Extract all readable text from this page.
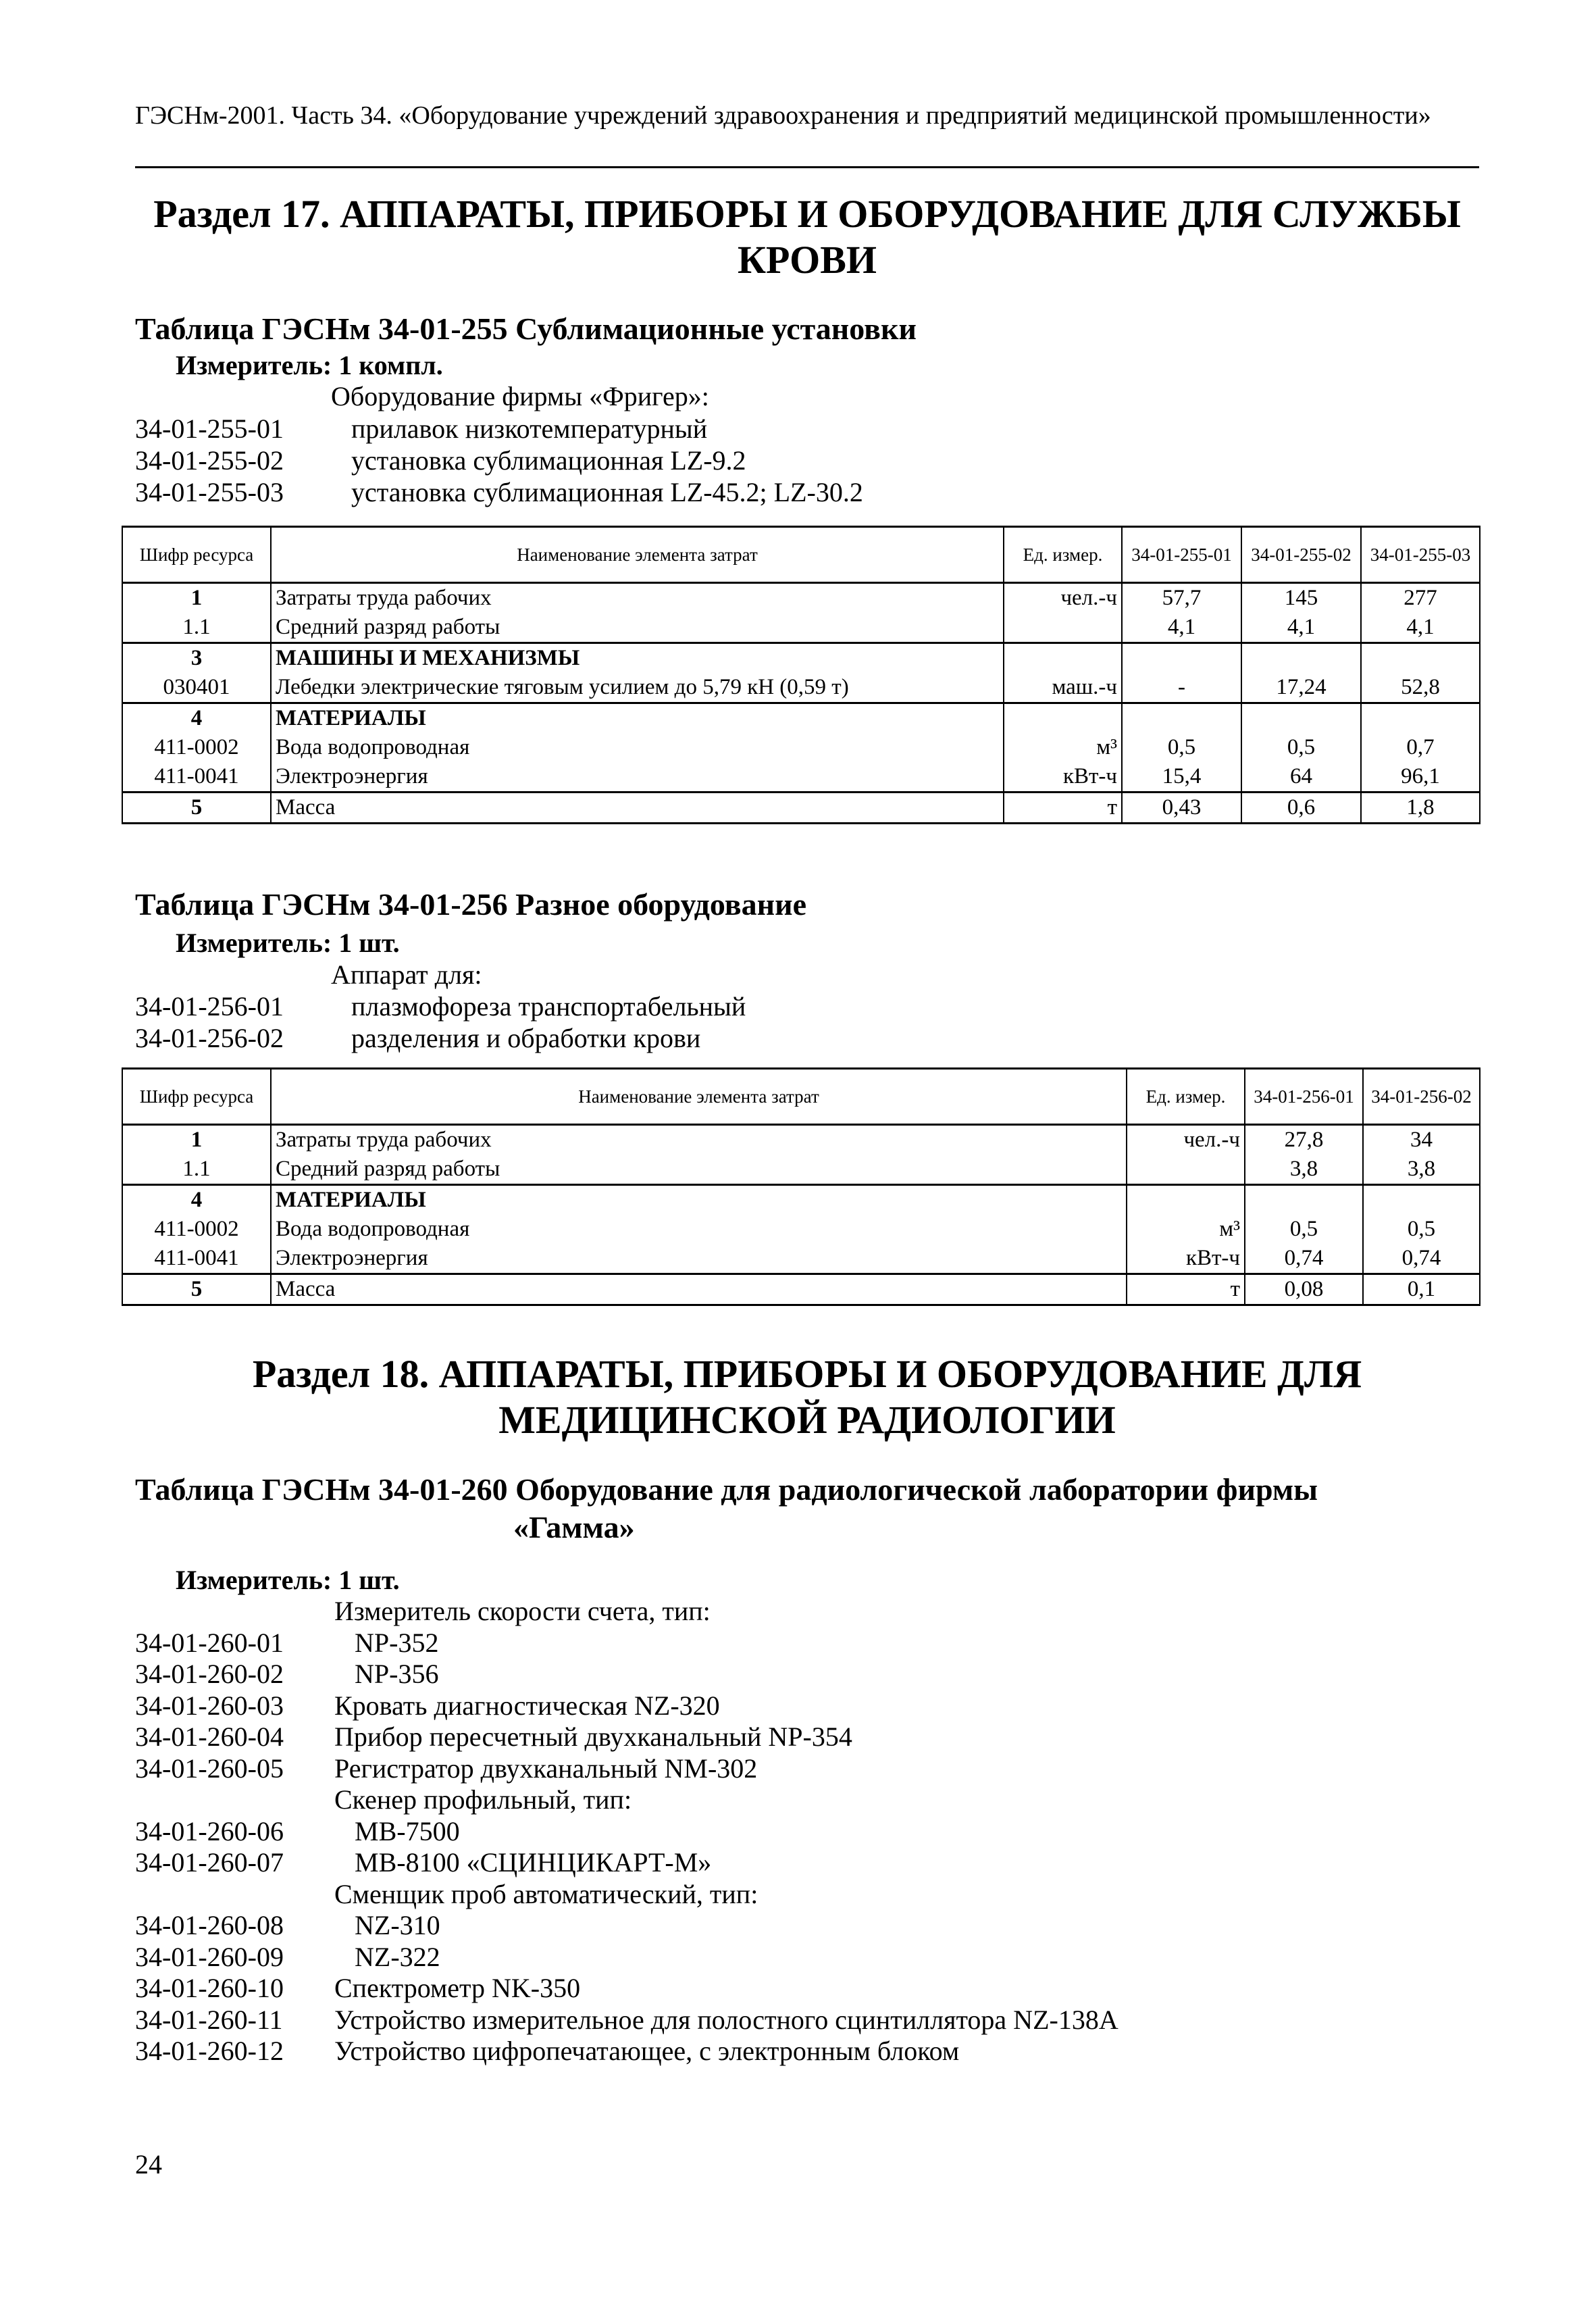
ГЭСНм-2001. Часть 34. «Оборудование учреждений здравоохранения и предприятий медицинской промышленности»
Раздел 17. АППАРАТЫ, ПРИБОРЫ И ОБОРУДОВАНИЕ ДЛЯ СЛУЖБЫ
КРОВИ
Таблица ГЭСНм 34-01-255 Сублимационные установки
Измеритель: 1 компл.
Оборудование фирмы «Фригер»:
34-01-255-01	прилавок низкотемпературный
34-01-255-02	установка сублимационная LZ-9.2
34-01-255-03	установка сублимационная LZ-45.2; LZ-30.2
Шифр ресурса	Наименование элемента затрат	Ед. измер.	34-01-255-01	34-01-255-02	34-01-255-03
1	Затраты труда рабочих	чел.-ч	57,7	145	277
1.1	Средний разряд работы		4,1	4,1	4,1
3	МАШИНЫ И МЕХАНИЗМЫ				
030401	Лебедки электрические тяговым усилием до 5,79 кН (0,59 т)	маш.-ч	-	17,24	52,8
4	МАТЕРИАЛЫ				
411-0002	Вода водопроводная	м³	0,5	0,5	0,7
411-0041	Электроэнергия	кВт-ч	15,4	64	96,1
5	Масса	т	0,43	0,6	1,8
Таблица ГЭСНм 34-01-256 Разное оборудование
Измеритель: 1 шт.
Аппарат для:
34-01-256-01	плазмофореза транспортабельный
34-01-256-02	разделения и обработки крови
Шифр ресурса	Наименование элемента затрат	Ед. измер.	34-01-256-01	34-01-256-02
1	Затраты труда рабочих	чел.-ч	27,8	34
1.1	Средний разряд работы		3,8	3,8
4	МАТЕРИАЛЫ			
411-0002	Вода водопроводная	м³	0,5	0,5
411-0041	Электроэнергия	кВт-ч	0,74	0,74
5	Масса	т	0,08	0,1
Раздел 18. АППАРАТЫ, ПРИБОРЫ И ОБОРУДОВАНИЕ ДЛЯ
МЕДИЦИНСКОЙ РАДИОЛОГИИ
Таблица ГЭСНм 34-01-260 Оборудование для радиологической лаборатории фирмы
«Гамма»
Измеритель: 1 шт.
Измеритель скорости счета, тип:
34-01-260-01	NP-352
34-01-260-02	NP-356
34-01-260-03 Кровать диагностическая NZ-320
34-01-260-04 Прибор пересчетный двухканальный NP-354
34-01-260-05 Регистратор двухканальный NM-302
Скенер профильный, тип:
34-01-260-06	MB-7500
34-01-260-07	MB-8100 «СЦИНЦИКАРТ-М»
Сменщик проб автоматический, тип:
34-01-260-08	NZ-310
34-01-260-09	NZ-322
34-01-260-10 Спектрометр NK-350
34-01-260-11 Устройство измерительное для полостного сцинтиллятора NZ-138A
34-01-260-12 Устройство цифропечатающее, с электронным блоком
24
